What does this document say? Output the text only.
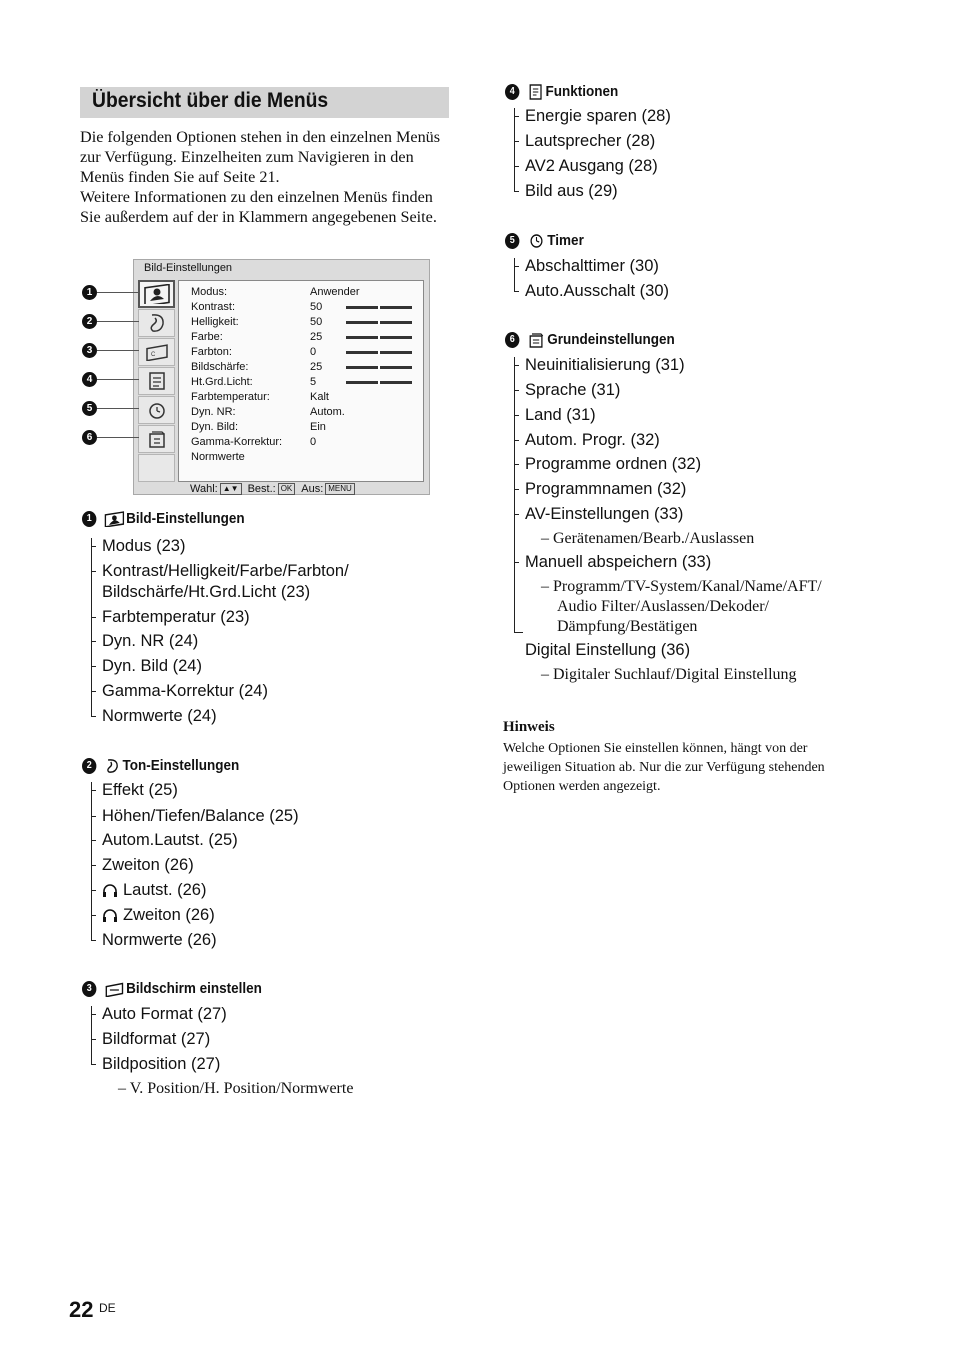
Übersicht über die Menüs

Die folgenden Optionen stehen in den einzelnen Menüs zur Verfügung. Einzelheiten zum Navigieren in den Menüs finden Sie auf Seite 21.

Weitere Informationen zu den einzelnen Menüs finden Sie außerdem auf der in Klammern angegebenen Seite.

Bild-Einstellungen
C
Modus:	Anwender
Kontrast:	50
Helligkeit:	50
Farbe:	25
Farbton:	0
Bildschärfe:	25
Ht.Grd.Licht:	5
Farbtemperatur:	Kalt
Dyn. NR:	Autom.
Dyn. Bild:	Ein
Gamma-Korrektur:	0
Normwerte
Wahl: ▲▼ Best.: OK Aus: MENU
1
2
3
4
5
6
1	Bild-Einstellungen
Modus (23)
Kontrast/Helligkeit/Farbe/Farbton/
Bildschärfe/Ht.Grd.Licht (23)
Farbtemperatur (23)
Dyn. NR (24)
Dyn. Bild (24)
Gamma-Korrektur (24)
Normwerte (24)
2	Ton-Einstellungen
Effekt (25)
Höhen/Tiefen/Balance (25)
Autom.Lautst. (25)
Zweiton (26)
Lautst. (26)
Zweiton (26)
Normwerte (26)
3	Bildschirm einstellen
Auto Format (27)
Bildformat (27)
Bildposition (27)
– V. Position/H. Position/Normwerte
4	Funktionen
Energie sparen (28)
Lautsprecher (28)
AV2 Ausgang (28)
Bild aus (29)
5	Timer
Abschalttimer (30)
Auto.Ausschalt (30)
6	Grundeinstellungen
Neuinitialisierung (31)
Sprache (31)
Land (31)
Autom. Progr. (32)
Programme ordnen (32)
Programmnamen (32)
AV-Einstellungen (33)
– Gerätenamen/Bearb./Auslassen
Manuell abspeichern (33)
– Programm/TV-System/Kanal/Name/AFT/
Audio Filter/Auslassen/Dekoder/
Dämpfung/Bestätigen
Digital Einstellung (36)
– Digitaler Suchlauf/Digital Einstellung
Hinweis
Welche Optionen Sie einstellen können, hängt von der jeweiligen Situation ab. Nur die zur Verfügung stehenden Optionen werden angezeigt.
22 DE
